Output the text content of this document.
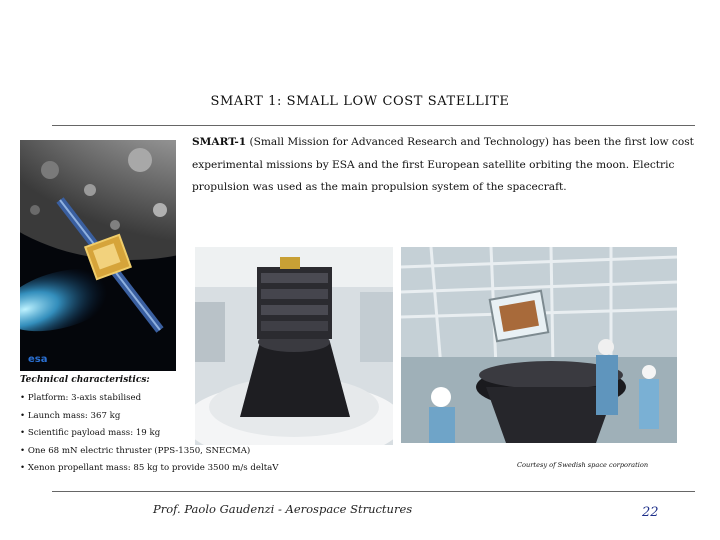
SMART 1: SMALL LOW COST SATELLITE
SMART-1 (Small Mission for Advanced Research and Technology) has been the first low cost experimental missions by ESA and the first European satellite orbiting the moon. Electric propulsion was used as the main propulsion system of the spacecraft.
esa
Technical characteristics:
• Platform: 3-axis stabilised
• Launch mass: 367 kg
• Scientific payload mass: 19 kg
• One 68 mN electric thruster (PPS-1350, SNECMA)
• Xenon propellant mass: 85 kg to provide 3500 m/s deltaV	Courtesy of Swedish space corporation
Prof. Paolo Gaudenzi - Aerospace Structures	22
